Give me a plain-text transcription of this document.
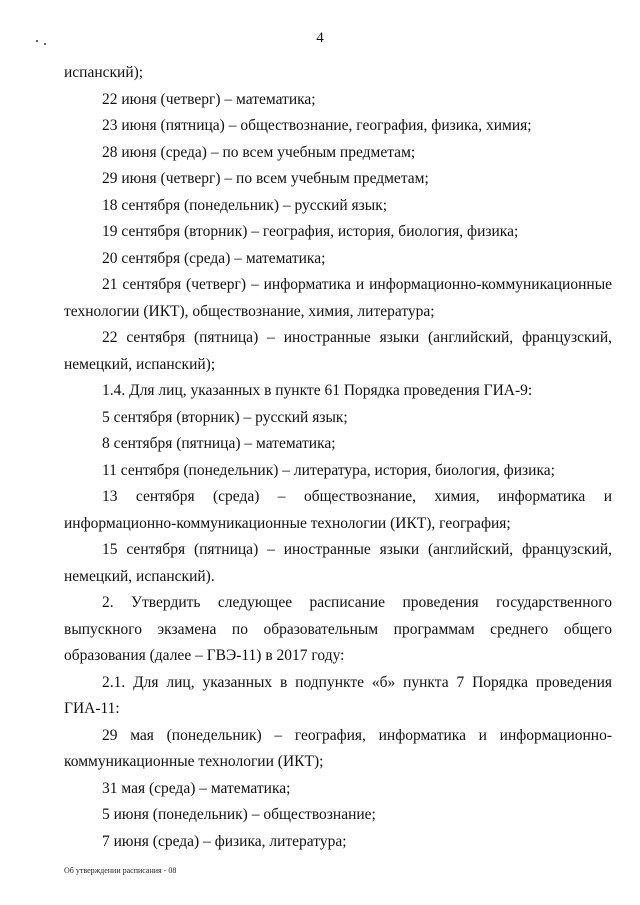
4
испанский);
22 июня (четверг) – математика;
23 июня (пятница) – обществознание, география, физика, химия;
28 июня (среда) – по всем учебным предметам;
29 июня (четверг) – по всем учебным предметам;
18 сентября (понедельник) – русский язык;
19 сентября (вторник) – география, история, биология, физика;
20 сентября (среда) – математика;
21 сентября (четверг) – информатика и информационно-коммуникационные
технологии (ИКТ), обществознание, химия, литература;
22 сентября (пятница) – иностранные языки (английский, французский,
немецкий, испанский);
1.4. Для лиц, указанных в пункте 61 Порядка проведения ГИА-9:
5 сентября (вторник) – русский язык;
8 сентября (пятница) – математика;
11 сентября (понедельник) – литература, история, биология, физика;
13 сентября (среда) – обществознание, химия, информатика и
информационно-коммуникационные технологии (ИКТ), география;
15 сентября (пятница) – иностранные языки (английский, французский,
немецкий, испанский).
2. Утвердить следующее расписание проведения государственного
выпускного экзамена по образовательным программам среднего общего
образования (далее – ГВЭ-11) в 2017 году:
2.1. Для лиц, указанных в подпункте «б» пункта 7 Порядка проведения
ГИА-11:
29 мая (понедельник) – география, информатика и информационно-
коммуникационные технологии (ИКТ);
31 мая (среда) – математика;
5 июня (понедельник) – обществознание;
7 июня (среда) – физика, литература;
Об утверждении расписания - 08
